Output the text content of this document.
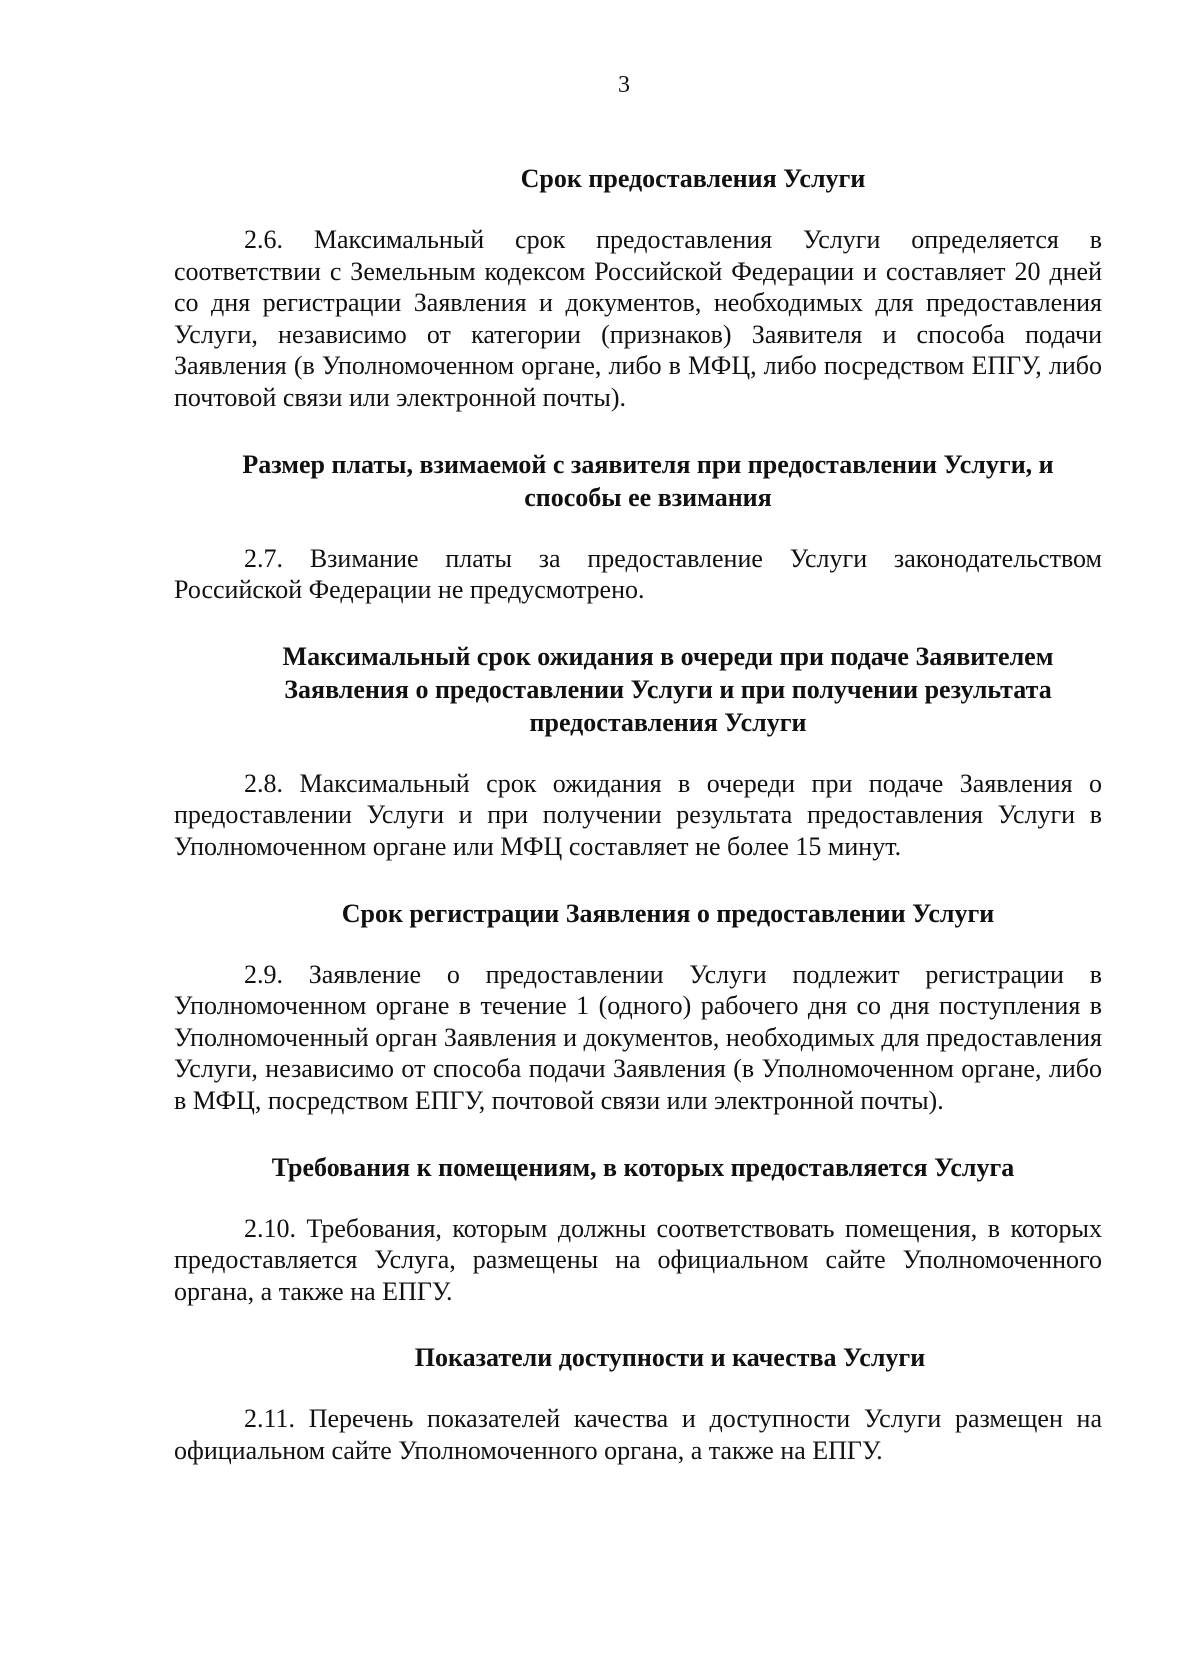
3
Срок предоставления Услуги

2.6. Максимальный срок предоставления Услуги определяется в соответствии с Земельным кодексом Российской Федерации и составляет 20 дней со дня регистрации Заявления и документов, необходимых для предоставления Услуги, независимо от категории (признаков) Заявителя и способа подачи Заявления (в Уполномоченном органе, либо в МФЦ, либо посредством ЕПГУ, либо почтовой связи или электронной почты).

Размер платы, взимаемой с заявителя при предоставлении Услуги, и способы ее взимания

2.7. Взимание платы за предоставление Услуги законодательством Российской Федерации не предусмотрено.

Максимальный срок ожидания в очереди при подаче Заявителем Заявления о предоставлении Услуги и при получении результата предоставления Услуги

2.8. Максимальный срок ожидания в очереди при подаче Заявления о предоставлении Услуги и при получении результата предоставления Услуги в Уполномоченном органе или МФЦ составляет не более 15 минут.

Срок регистрации Заявления о предоставлении Услуги

2.9. Заявление о предоставлении Услуги подлежит регистрации в Уполномоченном органе в течение 1 (одного) рабочего дня со дня поступления в Уполномоченный орган Заявления и документов, необходимых для предоставления Услуги, независимо от способа подачи Заявления (в Уполномоченном органе, либо в МФЦ, посредством ЕПГУ, почтовой связи или электронной почты).

Требования к помещениям, в которых предоставляется Услуга

2.10. Требования, которым должны соответствовать помещения, в которых предоставляется Услуга, размещены на официальном сайте Уполномоченного органа, а также на ЕПГУ.

Показатели доступности и качества Услуги

2.11. Перечень показателей качества и доступности Услуги размещен на официальном сайте Уполномоченного органа, а также на ЕПГУ.
